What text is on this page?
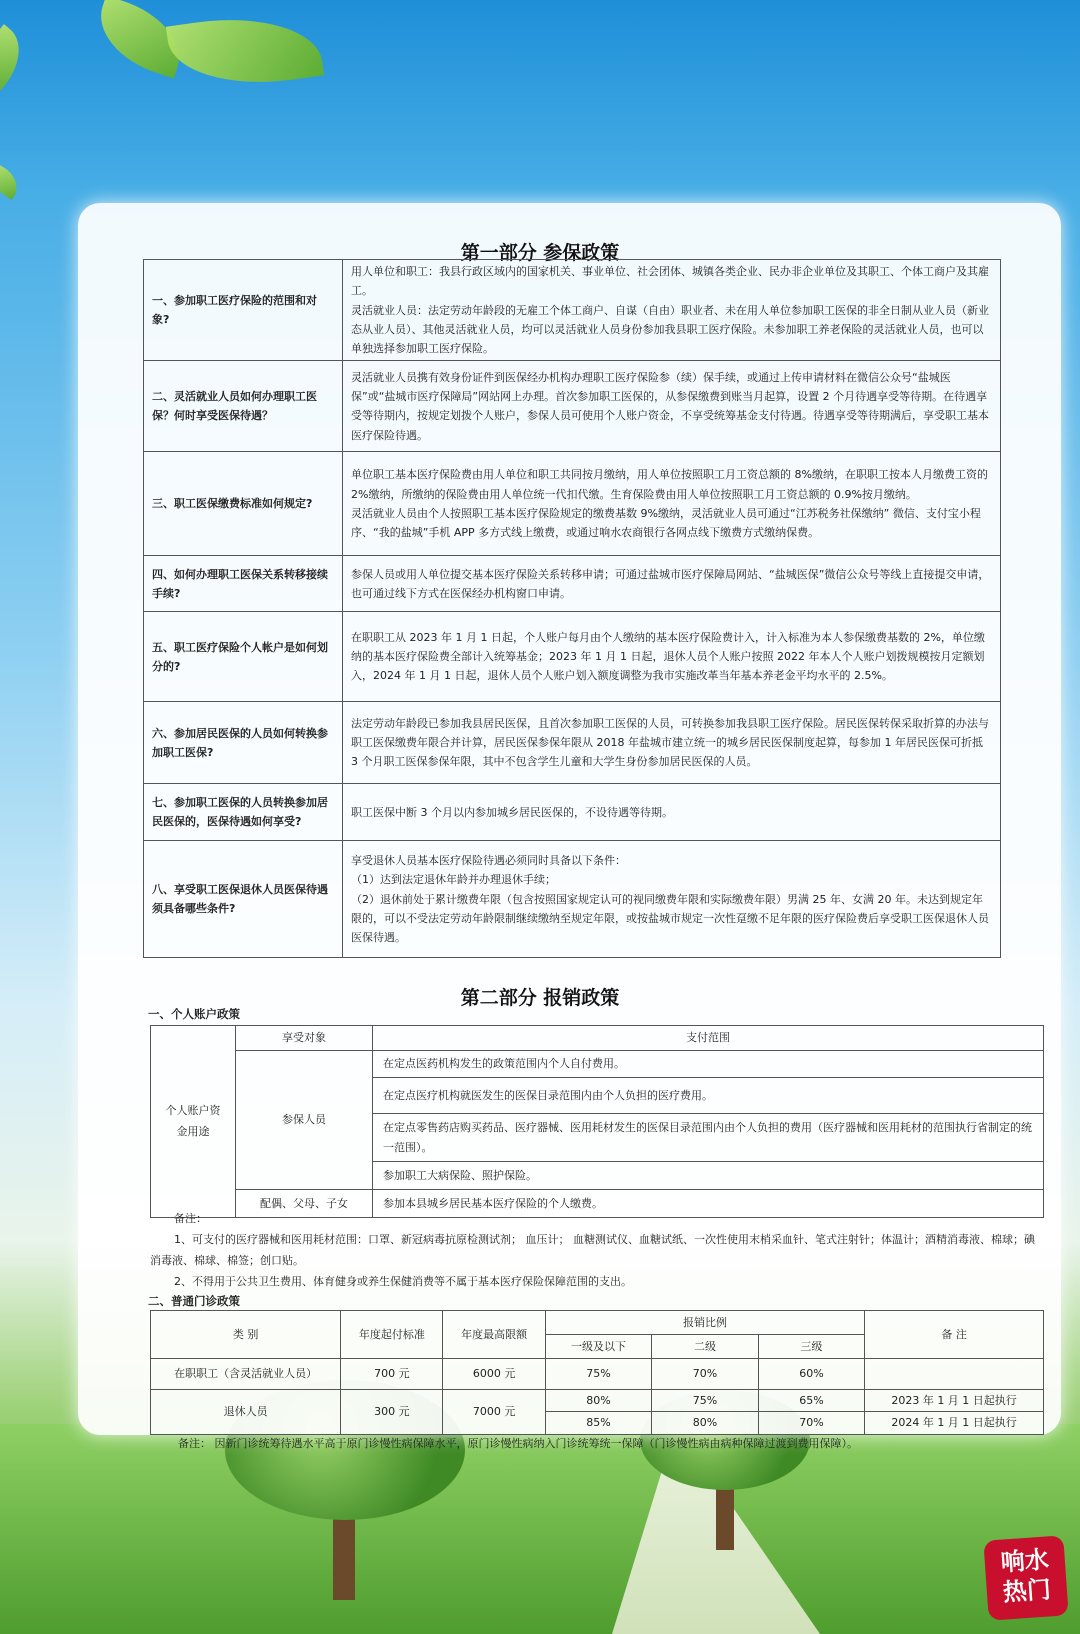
第一部分 参保政策
一、参加职工医疗保险的范围和对象?	用人单位和职工：我县行政区域内的国家机关、事业单位、社会团体、城镇各类企业、民办非企业单位及其职工、个体工商户及其雇工。
灵活就业人员：法定劳动年龄段的无雇工个体工商户、自谋（自由）职业者、未在用人单位参加职工医保的非全日制从业人员（新业态从业人员）、其他灵活就业人员，均可以灵活就业人员身份参加我县职工医疗保险。未参加职工养老保险的灵活就业人员，也可以单独选择参加职工医疗保险。

二、灵活就业人员如何办理职工医保？何时享受医保待遇？	灵活就业人员携有效身份证件到医保经办机构办理职工医疗保险参（续）保手续，或通过上传申请材料在微信公众号“盐城医保”或“盐城市医疗保障局”网站网上办理。首次参加职工医保的，从参保缴费到账当月起算，设置 2 个月待遇享受等待期。在待遇享受等待期内，按规定划拨个人账户，参保人员可使用个人账户资金，不享受统筹基金支付待遇。待遇享受等待期满后，享受职工基本医疗保险待遇。
三、职工医保缴费标准如何规定?	单位职工基本医疗保险费由用人单位和职工共同按月缴纳，用人单位按照职工月工资总额的 8%缴纳，在职职工按本人月缴费工资的 2%缴纳，所缴纳的保险费由用人单位统一代扣代缴。生育保险费由用人单位按照职工月工资总额的 0.9%按月缴纳。
灵活就业人员由个人按照职工基本医疗保险规定的缴费基数 9%缴纳，灵活就业人员可通过“江苏税务社保缴纳” 微信、支付宝小程序、“我的盐城”手机 APP 多方式线上缴费，或通过响水农商银行各网点线下缴费方式缴纳保费。

四、如何办理职工医保关系转移接续手续?	参保人员或用人单位提交基本医疗保险关系转移申请；可通过盐城市医疗保障局网站、“盐城医保”微信公众号等线上直接提交申请，也可通过线下方式在医保经办机构窗口申请。
五、职工医疗保险个人帐户是如何划分的?	在职职工从 2023 年 1 月 1 日起，个人账户每月由个人缴纳的基本医疗保险费计入，计入标准为本人参保缴费基数的 2%，单位缴纳的基本医疗保险费全部计入统筹基金；2023 年 1 月 1 日起，退休人员个人账户按照 2022 年本人个人账户划拨规模按月定额划入，2024 年 1 月 1 日起，退休人员个人账户划入额度调整为我市实施改革当年基本养老金平均水平的 2.5%。
六、参加居民医保的人员如何转换参加职工医保?	法定劳动年龄段已参加我县居民医保，且首次参加职工医保的人员，可转换参加我县职工医疗保险。居民医保转保采取折算的办法与职工医保缴费年限合并计算，居民医保参保年限从 2018 年盐城市建立统一的城乡居民医保制度起算，每参加 1 年居民医保可折抵 3 个月职工医保参保年限，其中不包含学生儿童和大学生身份参加居民医保的人员。
七、参加职工医保的人员转换参加居民医保的，医保待遇如何享受?	职工医保中断 3 个月以内参加城乡居民医保的，不设待遇等待期。
八、享受职工医保退休人员医保待遇须具备哪些条件?	享受退休人员基本医疗保险待遇必须同时具备以下条件：
（1）达到法定退休年龄并办理退休手续；
（2）退休前处于累计缴费年限（包含按照国家规定认可的视同缴费年限和实际缴费年限）男满 25 年、女满 20 年。未达到规定年限的，可以不受法定劳动年龄限制继续缴纳至规定年限，或按盐城市规定一次性趸缴不足年限的医疗保险费后享受职工医保退休人员医保待遇。
第二部分 报销政策
一、个人账户政策
个人账户资金用途	享受对象	支付范围
	参保人员	在定点医药机构发生的政策范围内个人自付费用。
		在定点医疗机构就医发生的医保目录范围内由个人负担的医疗费用。
		在定点零售药店购买药品、医疗器械、医用耗材发生的医保目录范围内由个人负担的费用（医疗器械和医用耗材的范围执行省制定的统一范围）。
		参加职工大病保险、照护保险。
	配偶、父母、子女	参加本县城乡居民基本医疗保险的个人缴费。
备注：
1、可支付的医疗器械和医用耗材范围：口罩、新冠病毒抗原检测试剂； 血压计； 血糖测试仪、血糖试纸、一次性使用末梢采血针、笔式注射针；体温计；酒精消毒液、棉球；碘消毒液、棉球、棉签；创口贴。
2、不得用于公共卫生费用、体育健身或养生保健消费等不属于基本医疗保险保障范围的支出。
二、普通门诊政策
类 别	年度起付标准	年度最高限额	报销比例			备 注
			一级及以下	二级	三级	
在职职工（含灵活就业人员）	700 元	6000 元	75%	70%	60%	
退休人员	300 元	7000 元	80%	75%	65%	2023 年 1 月 1 日起执行
			85%	80%	70%	2024 年 1 月 1 日起执行
备注： 因新门诊统筹待遇水平高于原门诊慢性病保障水平，原门诊慢性病纳入门诊统筹统一保障（门诊慢性病由病种保障过渡到费用保障）。
响水
热门
